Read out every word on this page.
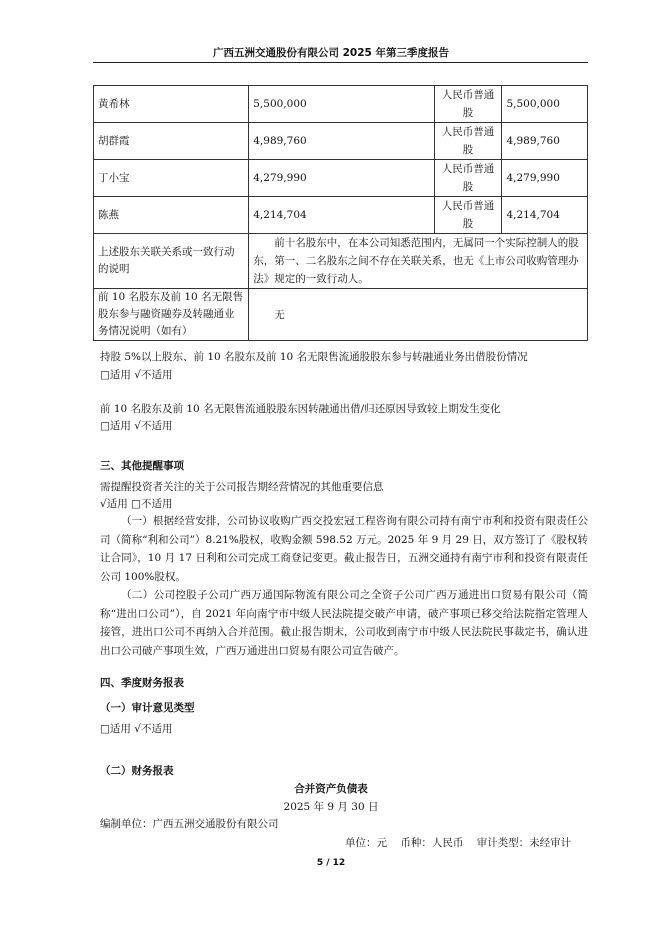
广西五洲交通股份有限公司 2025 年第三季度报告
黄希林	5,500,000	人民币普通股	5,500,000
胡群霞	4,989,760	人民币普通股	4,989,760
丁小宝	4,279,990	人民币普通股	4,279,990
陈燕	4,214,704	人民币普通股	4,214,704
上述股东关联关系或一致行动的说明	前十名股东中，在本公司知悉范围内，无属同一个实际控制人的股东，第一、二名股东之间不存在关联关系，也无《上市公司收购管理办法》规定的一致行动人。		
前 10 名股东及前 10 名无限售股东参与融资融券及转融通业务情况说明（如有）	无		
持股 5%以上股东、前 10 名股东及前 10 名无限售流通股股东参与转融通业务出借股份情况
□适用 √不适用
前 10 名股东及前 10 名无限售流通股股东因转融通出借/归还原因导致较上期发生变化
□适用 √不适用
三、其他提醒事项
需提醒投资者关注的关于公司报告期经营情况的其他重要信息
√适用 □不适用
（一）根据经营安排，公司协议收购广西交投宏冠工程咨询有限公司持有南宁市利和投资有限责任公司（简称“利和公司”）8.21%股权，收购金额 598.52 万元。2025 年 9 月 29 日，双方签订了《股权转让合同》，10 月 17 日利和公司完成工商登记变更。截止报告日，五洲交通持有南宁市利和投资有限责任公司 100%股权。
（二）公司控股子公司广西万通国际物流有限公司之全资子公司广西万通进出口贸易有限公司（简称“进出口公司”），自 2021 年向南宁市中级人民法院提交破产申请，破产事项已移交给法院指定管理人接管，进出口公司不再纳入合并范围。截止报告期末，公司收到南宁市中级人民法院民事裁定书，确认进出口公司破产事项生效，广西万通进出口贸易有限公司宣告破产。
四、季度财务报表
（一）审计意见类型
□适用 √不适用
（二）财务报表
合并资产负债表
2025 年 9 月 30 日
编制单位：广西五洲交通股份有限公司
单位：元 币种：人民币 审计类型：未经审计
5 / 12
